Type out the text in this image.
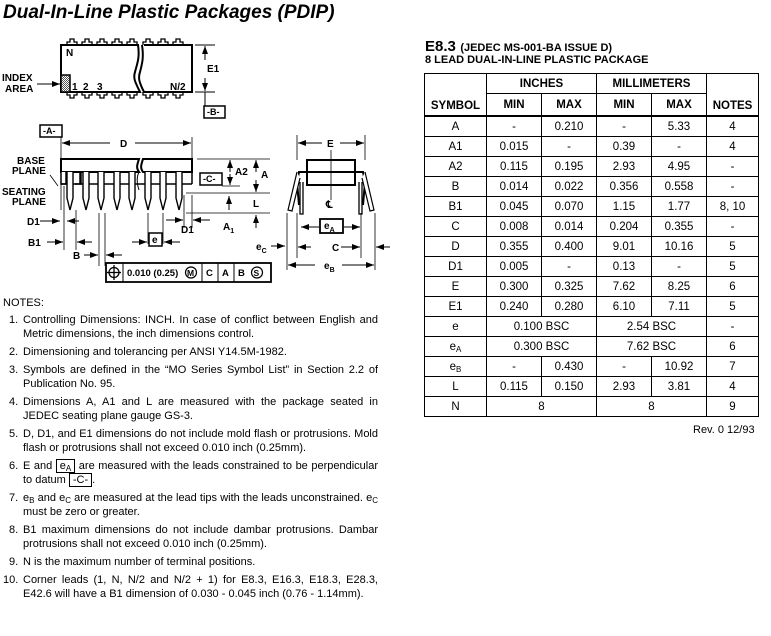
Dual-In-Line Plastic Packages (PDIP)
N
1 2 3	N/2
INDEX
AREA
E1
-B-
-A-
D
BASE
PLANE
SEATING
PLANE
-C-
A2 A
$A_1$
L
D1
D1
B1
B
e
$e_C$
0.010 (0.25) M C A B S
E
℄
$e_A$
C
$e_B$
E8.3 (JEDEC MS-001-BA ISSUE D)
8 LEAD DUAL-IN-LINE PLASTIC PACKAGE
SYMBOL	INCHES		MILLIMETERS		NOTES
	MIN	MAX	MIN	MAX	
A	-	0.210	-	5.33	4
A1	0.015	-	0.39	-	4
A2	0.115	0.195	2.93	4.95	-
B	0.014	0.022	0.356	0.558	-
B1	0.045	0.070	1.15	1.77	8, 10
C	0.008	0.014	0.204	0.355	-
D	0.355	0.400	9.01	10.16	5
D1	0.005	-	0.13	-	5
E	0.300	0.325	7.62	8.25	6
E1	0.240	0.280	6.10	7.11	5
e	0.100 BSC		2.54 BSC		-
$e_A$	0.300 BSC		7.62 BSC		6
$e_B$	-	0.430	-	10.92	7
L	0.115	0.150	2.93	3.81	4
N	8		8		9
Rev. 0 12/93
NOTES:
1. Controlling Dimensions: INCH. In case of conflict between English and Metric dimensions, the inch dimensions control.
2. Dimensioning and tolerancing per ANSI Y14.5M-1982.
3. Symbols are defined in the “MO Series Symbol List” in Section 2.2 of Publication No. 95.
4. Dimensions A, A1 and L are measured with the package seated in JEDEC seating plane gauge GS-3.
5. D, D1, and E1 dimensions do not include mold flash or protrusions. Mold flash or protrusions shall not exceed 0.010 inch (0.25mm).
6. E and $e_A$ are measured with the leads constrained to be perpendicular to datum -C- .
7. $e_B$ and $e_C$ are measured at the lead tips with the leads unconstrained. $e_C$ must be zero or greater.
8. B1 maximum dimensions do not include dambar protrusions. Dambar protrusions shall not exceed 0.010 inch (0.25mm).
9. N is the maximum number of terminal positions.
10. Corner leads (1, N, N/2 and N/2 + 1) for E8.3, E16.3, E18.3, E28.3, E42.6 will have a B1 dimension of 0.030 - 0.045 inch (0.76 - 1.14mm).
